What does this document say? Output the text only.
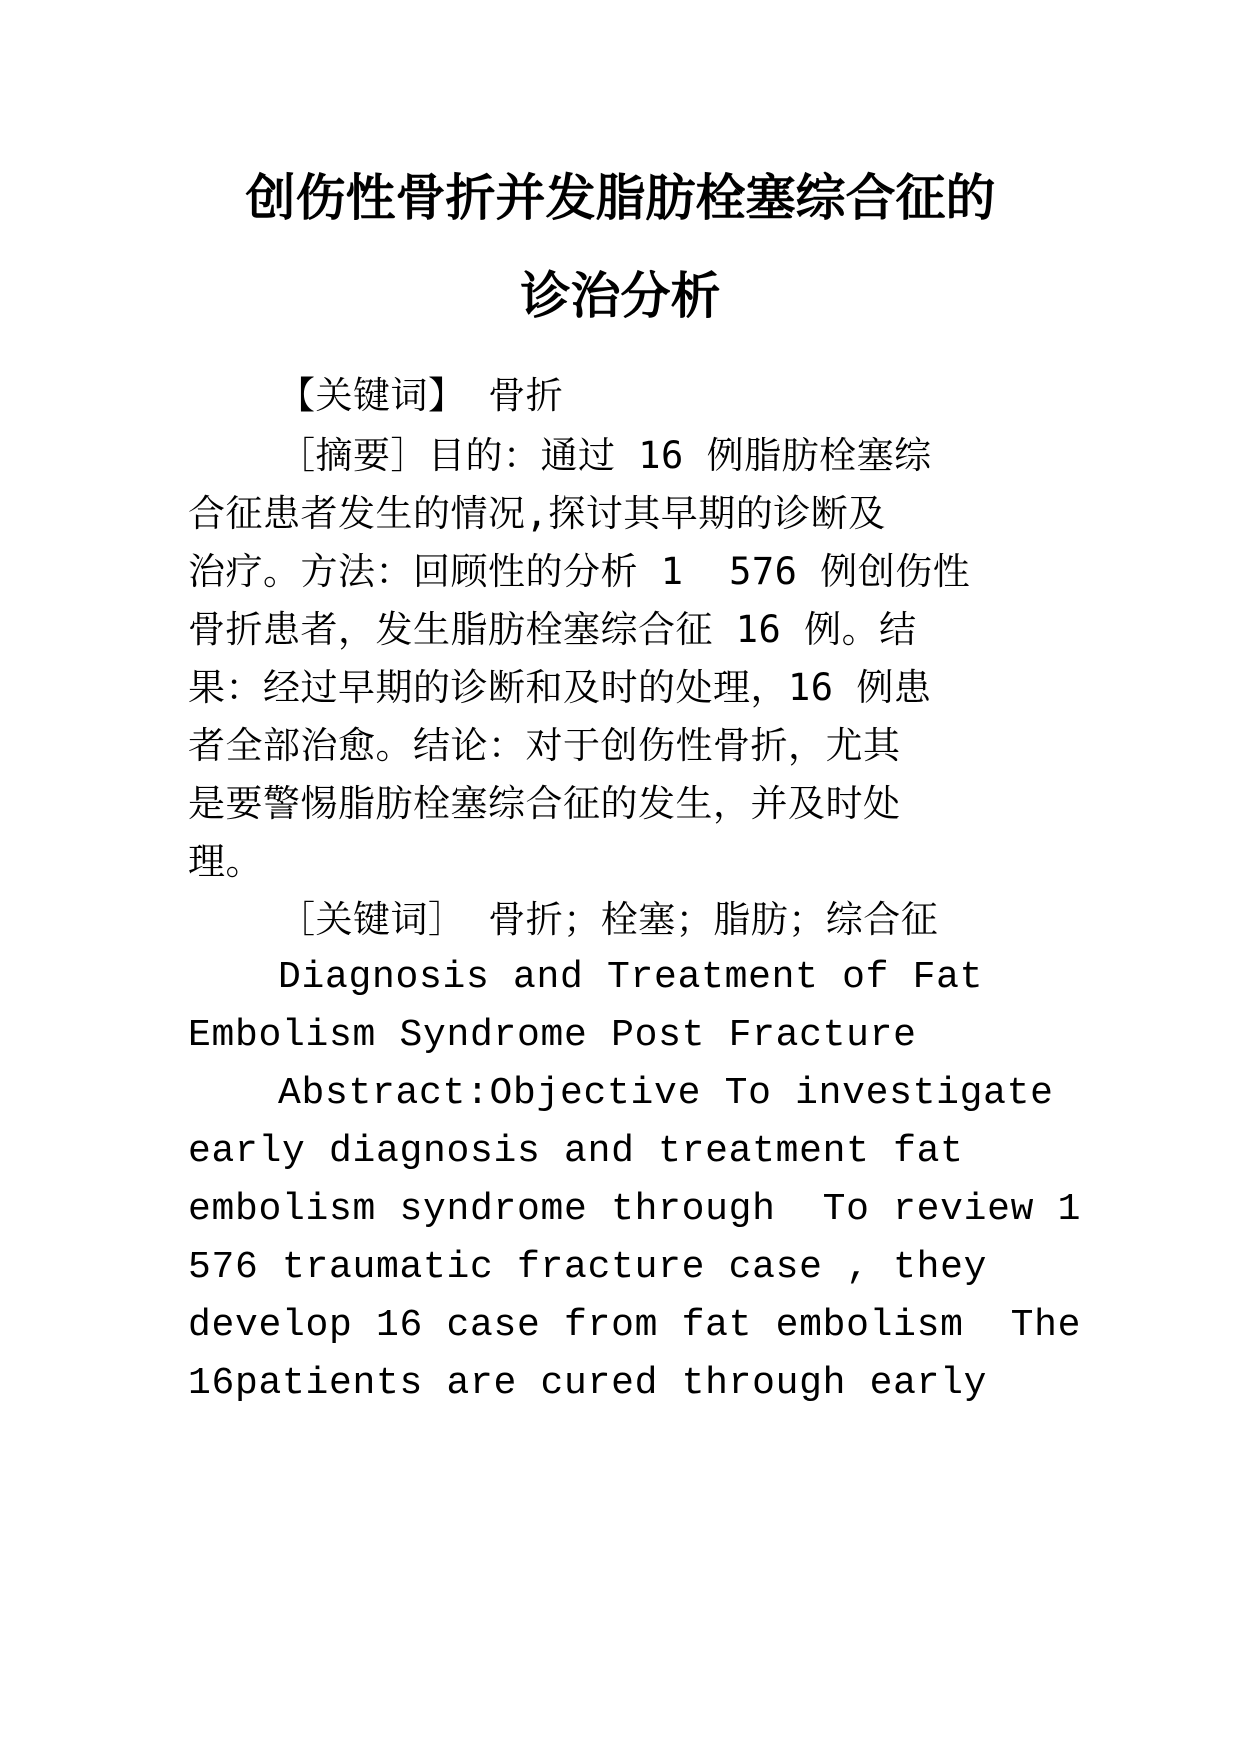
创伤性骨折并发脂肪栓塞综合征的
诊治分析

【关键词】 骨折

［摘要］目的：通过 16 例脂肪栓塞综

合征患者发生的情况,探讨其早期的诊断及

治疗。方法：回顾性的分析 1  576 例创伤性

骨折患者，发生脂肪栓塞综合征 16 例。结

果：经过早期的诊断和及时的处理，16 例患

者全部治愈。结论：对于创伤性骨折，尤其

是要警惕脂肪栓塞综合征的发生，并及时处

理。

［关键词］ 骨折；栓塞；脂肪；综合征

Diagnosis and Treatment of Fat

Embolism Syndrome Post Fracture

Abstract:Objective To investigate

early diagnosis and treatment fat

embolism syndrome through  To review 1

576 traumatic fracture case , they

develop 16 case from fat embolism  The

16patients are cured through early
